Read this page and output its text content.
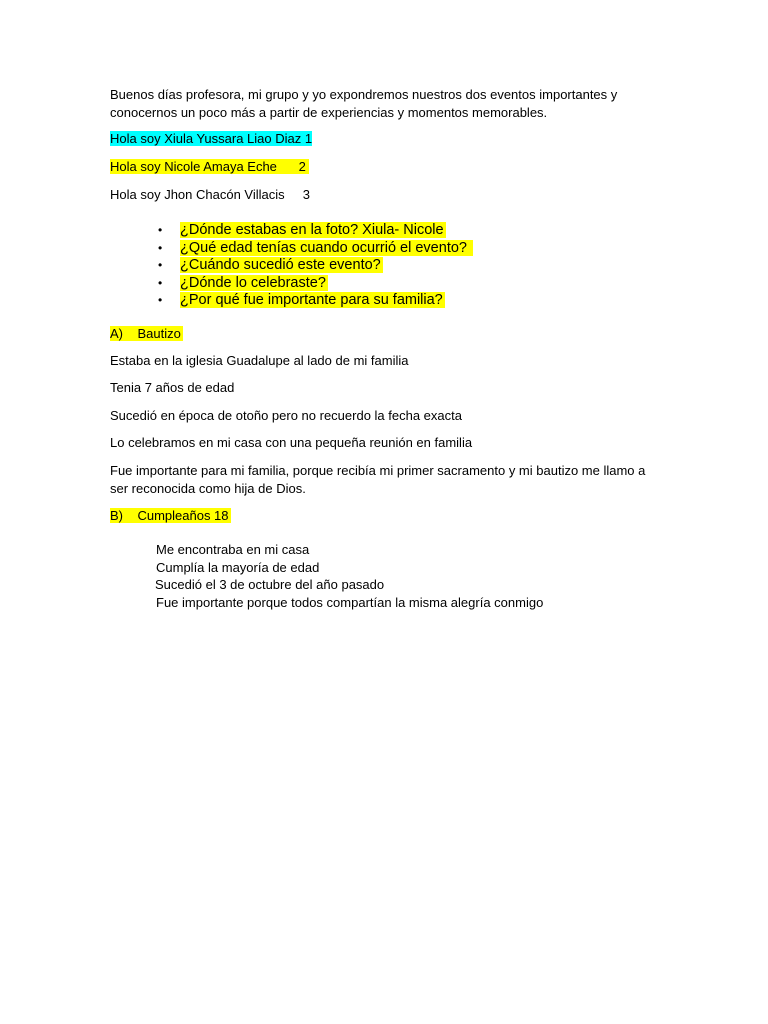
Buenos días profesora, mi grupo y yo expondremos nuestros dos eventos importantes y conocernos un poco más a partir de experiencias y momentos memorables.
Hola soy Xiula Yussara Liao Diaz 1
Hola soy Nicole Amaya Eche 2
Hola soy Jhon Chacón Villacis 3
• ¿Dónde estabas en la foto? Xiula- Nicole
• ¿Qué edad tenías cuando ocurrió el evento?
• ¿Cuándo sucedió este evento?
• ¿Dónde lo celebraste?
• ¿Por qué fue importante para su familia?
A) Bautizo
Estaba en la iglesia Guadalupe al lado de mi familia
Tenia 7 años de edad
Sucedió en época de otoño pero no recuerdo la fecha exacta
Lo celebramos en mi casa con una pequeña reunión en familia
Fue importante para mi familia, porque recibía mi primer sacramento y mi bautizo me llamo a ser reconocida como hija de Dios.
B) Cumpleaños 18
Me encontraba en mi casa
Cumplía la mayoría de edad
Sucedió el 3 de octubre del año pasado
Fue importante porque todos compartían la misma alegría conmigo
